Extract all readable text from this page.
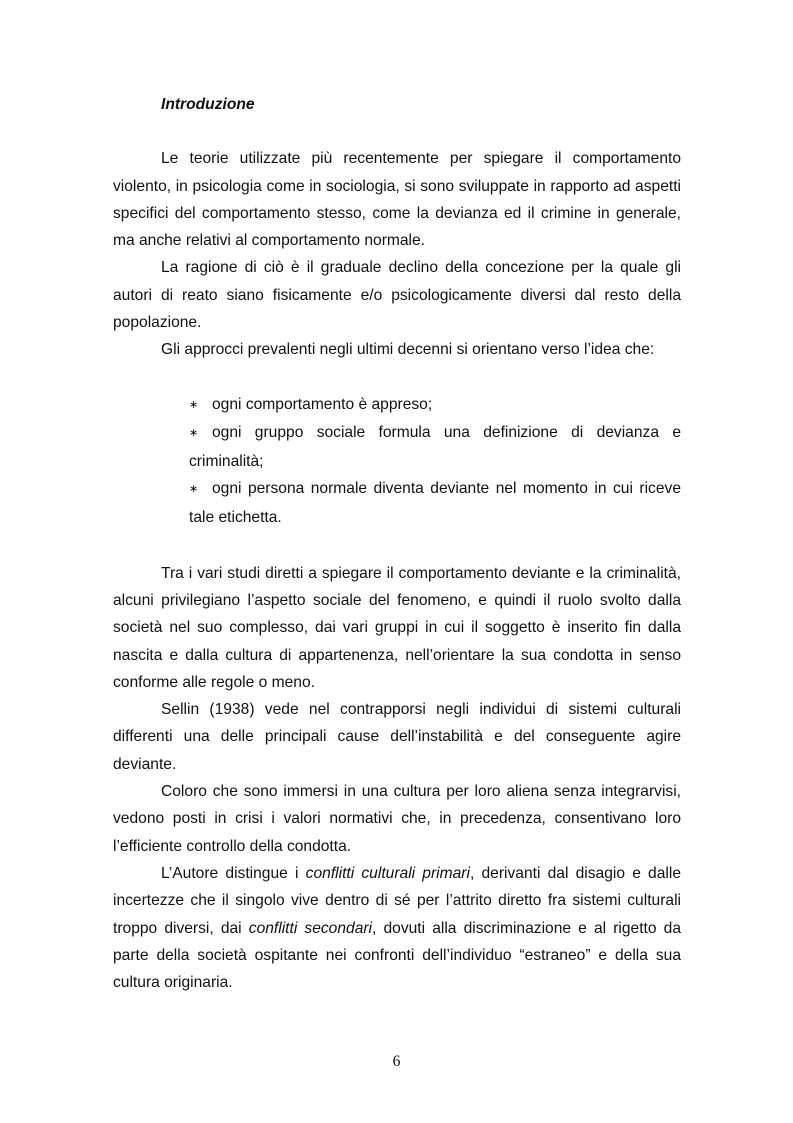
Introduzione

Le teorie utilizzate più recentemente per spiegare il comportamento violento, in psicologia come in sociologia, si sono sviluppate in rapporto ad aspetti specifici del comportamento stesso, come la devianza ed il crimine in generale, ma anche relativi al comportamento normale.

La ragione di ciò è il graduale declino della concezione per la quale gli autori di reato siano fisicamente e/o psicologicamente diversi dal resto della popolazione.

Gli approcci prevalenti negli ultimi decenni si orientano verso l’idea che:

∗ ogni comportamento è appreso;
∗ ogni gruppo sociale formula una definizione di devianza e criminalità;
∗ ogni persona normale diventa deviante nel momento in cui riceve tale etichetta.

Tra i vari studi diretti a spiegare il comportamento deviante e la criminalità, alcuni privilegiano l’aspetto sociale del fenomeno, e quindi il ruolo svolto dalla società nel suo complesso, dai vari gruppi in cui il soggetto è inserito fin dalla nascita e dalla cultura di appartenenza, nell’orientare la sua condotta in senso conforme alle regole o meno.

Sellin (1938) vede nel contrapporsi negli individui di sistemi culturali differenti una delle principali cause dell’instabilità e del conseguente agire deviante.

Coloro che sono immersi in una cultura per loro aliena senza integrarvisi, vedono posti in crisi i valori normativi che, in precedenza, consentivano loro l’efficiente controllo della condotta.

L’Autore distingue i conflitti culturali primari, derivanti dal disagio e dalle incertezze che il singolo vive dentro di sé per l’attrito diretto fra sistemi culturali troppo diversi, dai conflitti secondari, dovuti alla discriminazione e al rigetto da parte della società ospitante nei confronti dell’individuo “estraneo” e della sua cultura originaria.

6
